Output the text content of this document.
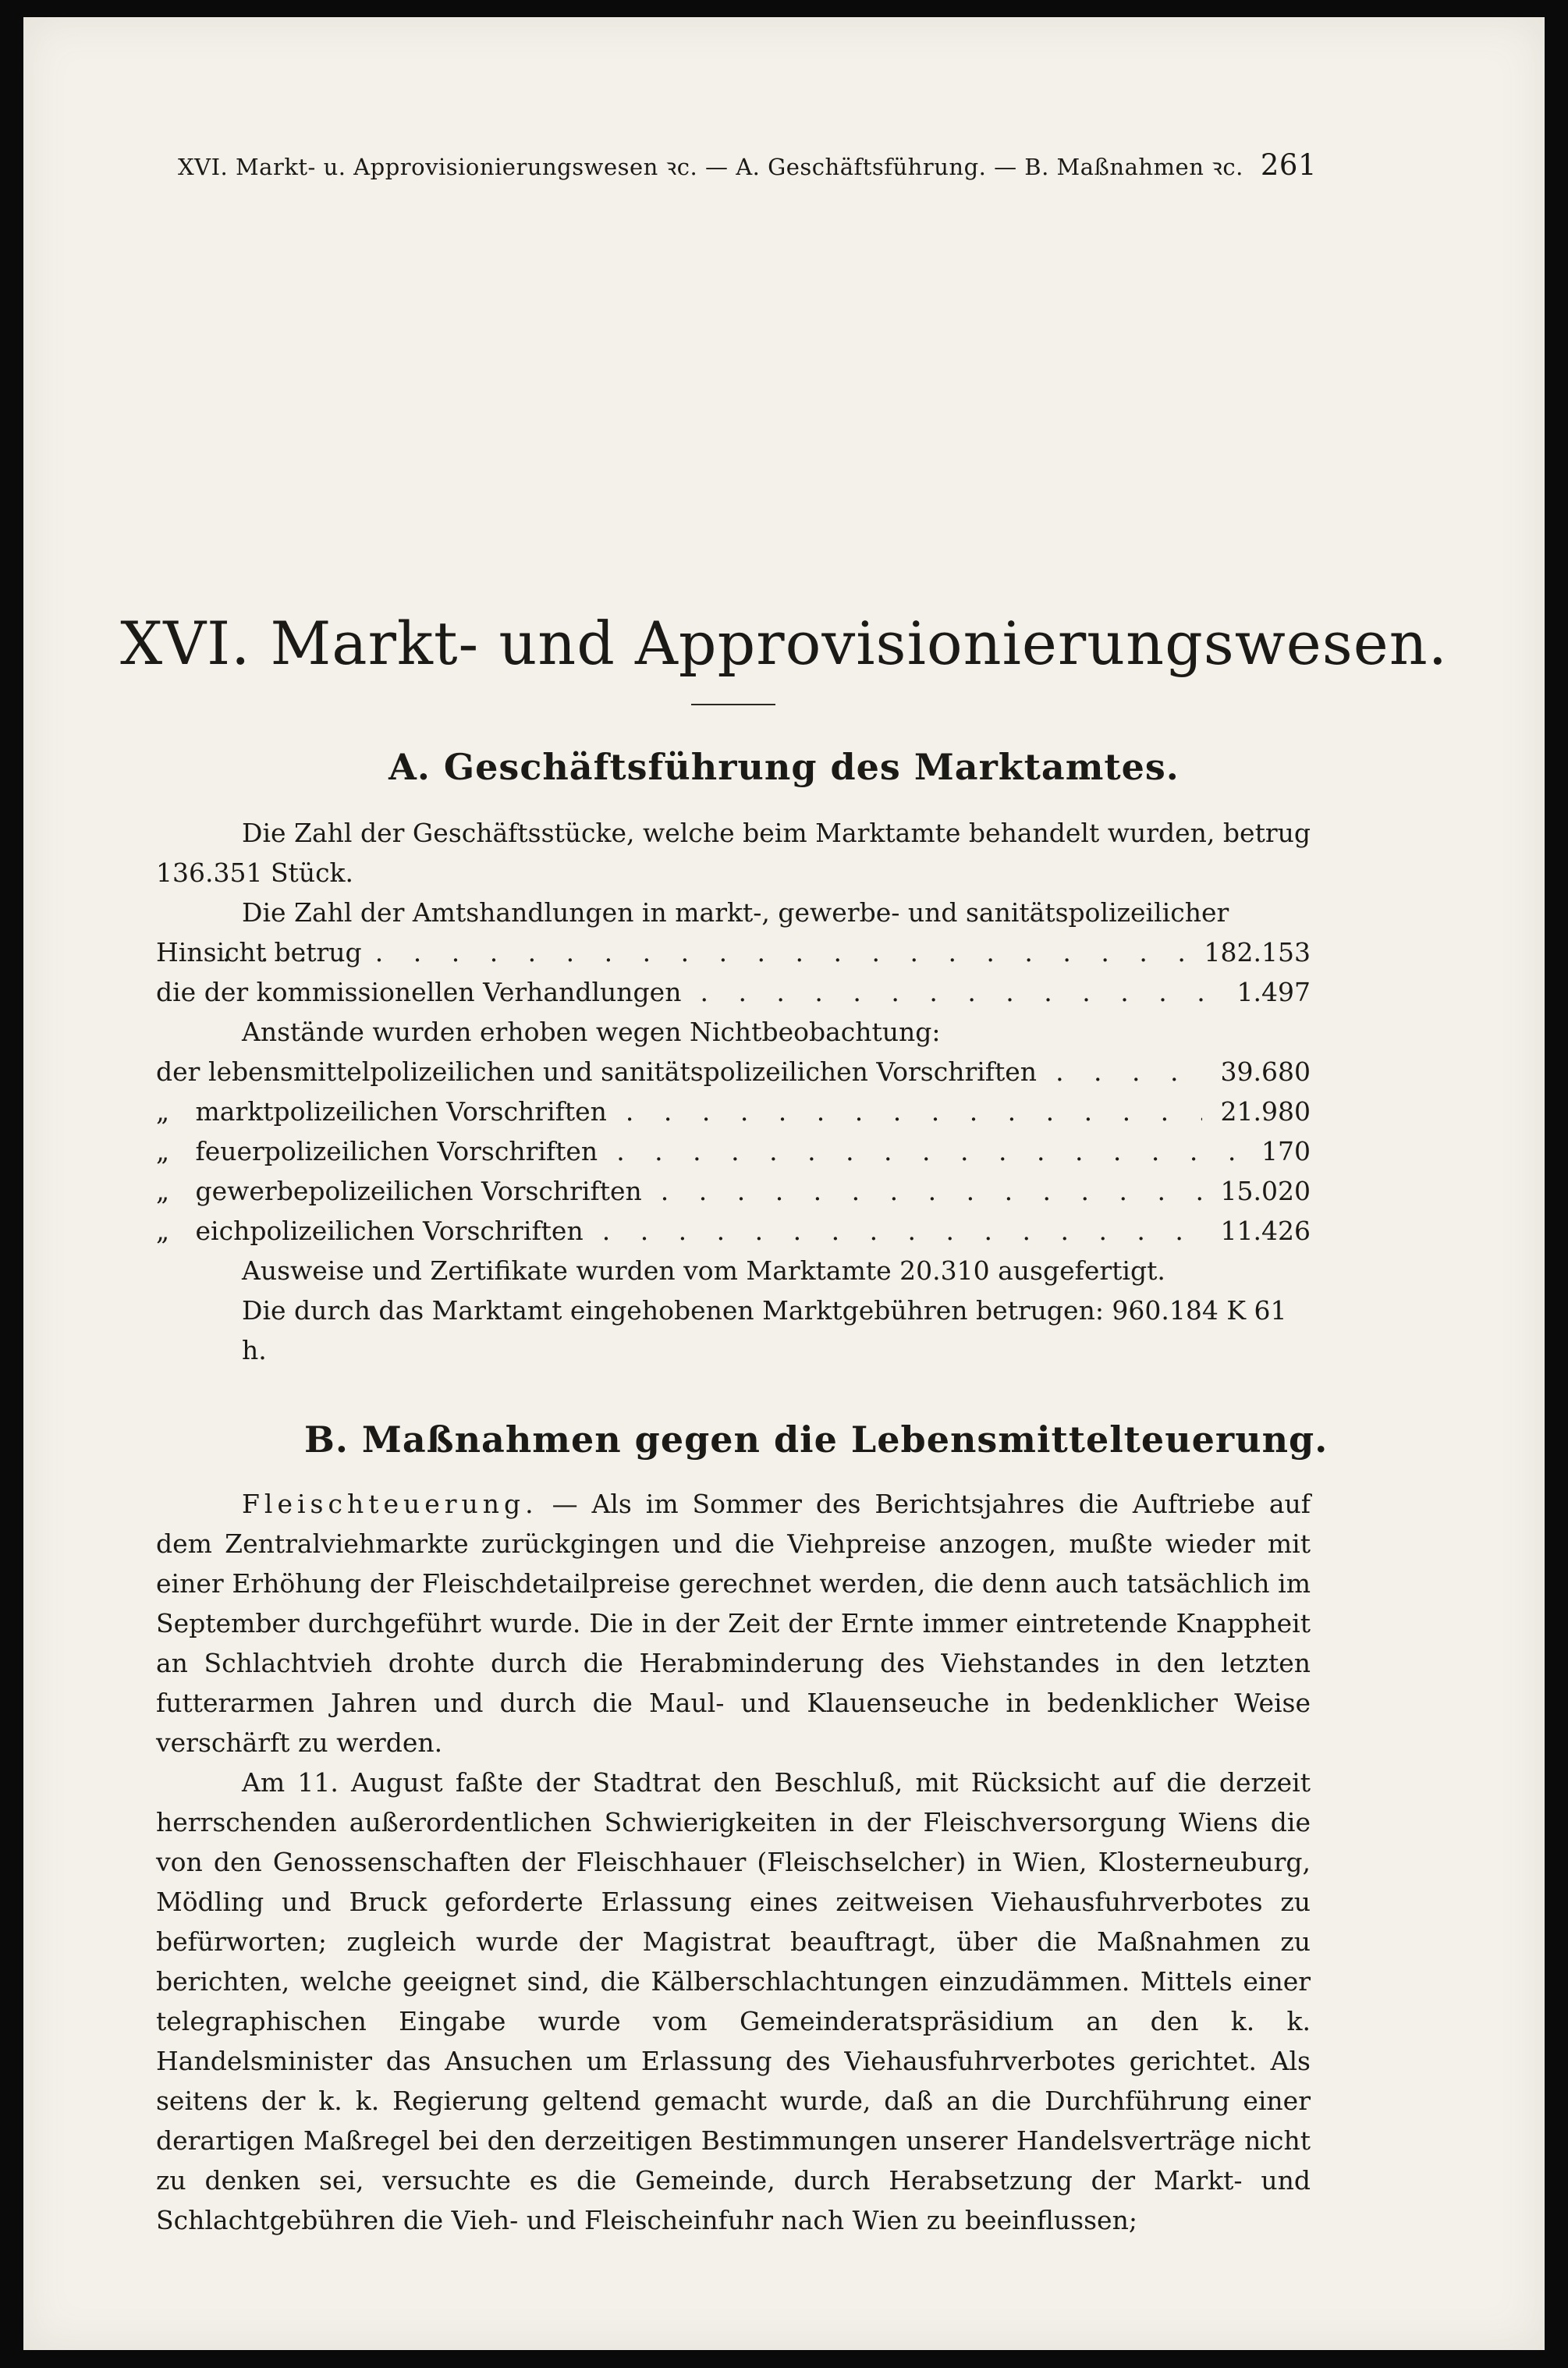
XVI. Markt- u. Approvisionierungswesen ꝛc. — A. Geschäftsführung. — B. Maßnahmen ꝛc. 261
XVI. Markt- und Approvisionierungswesen.
A. Geschäftsführung des Marktamtes.

Die Zahl der Geschäftsstücke, welche beim Marktamte behandelt wurden, betrug 136.351 Stück.

Die Zahl der Amtshandlungen in markt-, gewerbe- und sanitätspolizeilicher Hinsicht betrug . . .	182.153
die der kommissionellen Verhandlungen . . .	1.497
Anstände wurden erhoben wegen Nichtbeobachtung:
der lebensmittelpolizeilichen und sanitätspolizeilichen Vorschriften . . .	39.680
„ marktpolizeilichen Vorschriften . . .	21.980
„ feuerpolizeilichen Vorschriften . . .	170
„ gewerbepolizeilichen Vorschriften . . .	15.020
„ eichpolizeilichen Vorschriften . . .	11.426
Ausweise und Zertifikate wurden vom Marktamte 20.310 ausgefertigt.
Die durch das Marktamt eingehobenen Marktgebühren betrugen: 960.184 K 61 h.
B. Maßnahmen gegen die Lebensmittelteuerung.

Fleischteuerung. — Als im Sommer des Berichtsjahres die Auftriebe auf dem Zentralviehmarkte zurückgingen und die Viehpreise anzogen, mußte wieder mit einer Erhöhung der Fleischdetailpreise gerechnet werden, die denn auch tatsächlich im September durchgeführt wurde. Die in der Zeit der Ernte immer eintretende Knappheit an Schlachtvieh drohte durch die Herabminderung des Viehstandes in den letzten futterarmen Jahren und durch die Maul- und Klauenseuche in bedenklicher Weise verschärft zu werden.

Am 11. August faßte der Stadtrat den Beschluß, mit Rücksicht auf die derzeit herrschenden außerordentlichen Schwierigkeiten in der Fleischversorgung Wiens die von den Genossenschaften der Fleischhauer (Fleischselcher) in Wien, Klosterneuburg, Mödling und Bruck geforderte Erlassung eines zeitweisen Viehausfuhrverbotes zu befürworten; zugleich wurde der Magistrat beauftragt, über die Maßnahmen zu berichten, welche geeignet sind, die Kälberschlachtungen einzudämmen. Mittels einer telegraphischen Eingabe wurde vom Gemeinderatspräsidium an den k. k. Handelsminister das Ansuchen um Erlassung des Viehausfuhrverbotes gerichtet. Als seitens der k. k. Regierung geltend gemacht wurde, daß an die Durchführung einer derartigen Maßregel bei den derzeitigen Bestimmungen unserer Handelsverträge nicht zu denken sei, versuchte es die Gemeinde, durch Herabsetzung der Markt- und Schlachtgebühren die Vieh- und Fleischeinfuhr nach Wien zu beeinflussen;
